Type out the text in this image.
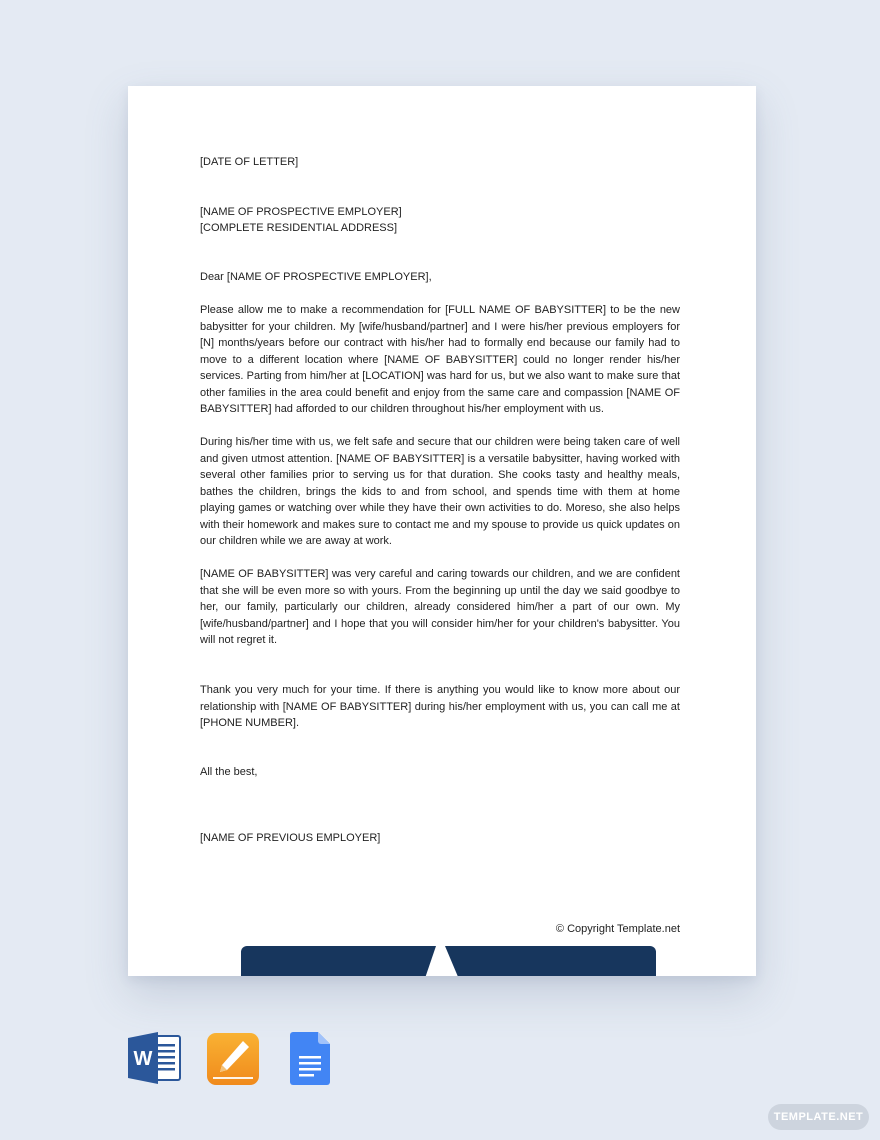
[DATE OF LETTER]

[NAME OF PROSPECTIVE EMPLOYER]

[COMPLETE RESIDENTIAL ADDRESS]

Dear [NAME OF PROSPECTIVE EMPLOYER],

Please allow me to make a recommendation for [FULL NAME OF BABYSITTER] to be the new babysitter for your children. My [wife/husband/partner] and I were his/her previous employers for [N] months/years before our contract with his/her had to formally end because our family had to move to a different location where [NAME OF BABYSITTER] could no longer render his/her services. Parting from him/her at [LOCATION] was hard for us, but we also want to make sure that other families in the area could benefit and enjoy from the same care and compassion [NAME OF BABYSITTER] had afforded to our children throughout his/her employment with us.

During his/her time with us, we felt safe and secure that our children were being taken care of well and given utmost attention. [NAME OF BABYSITTER] is a versatile babysitter, having worked with several other families prior to serving us for that duration. She cooks tasty and healthy meals, bathes the children, brings the kids to and from school, and spends time with them at home playing games or watching over while they have their own activities to do. Moreso, she also helps with their homework and makes sure to contact me and my spouse to provide us quick updates on our children while we are away at work.

[NAME OF BABYSITTER] was very careful and caring towards our children, and we are confident that she will be even more so with yours. From the beginning up until the day we said goodbye to her, our family, particularly our children, already considered him/her a part of our own. My [wife/husband/partner] and I hope that you will consider him/her for your children's babysitter. You will not regret it.

Thank you very much for your time. If there is anything you would like to know more about our relationship with [NAME OF BABYSITTER] during his/her employment with us, you can call me at [PHONE NUMBER].

All the best,

[NAME OF PREVIOUS EMPLOYER]

© Copyright Template.net
W
TEMPLATE.NET
